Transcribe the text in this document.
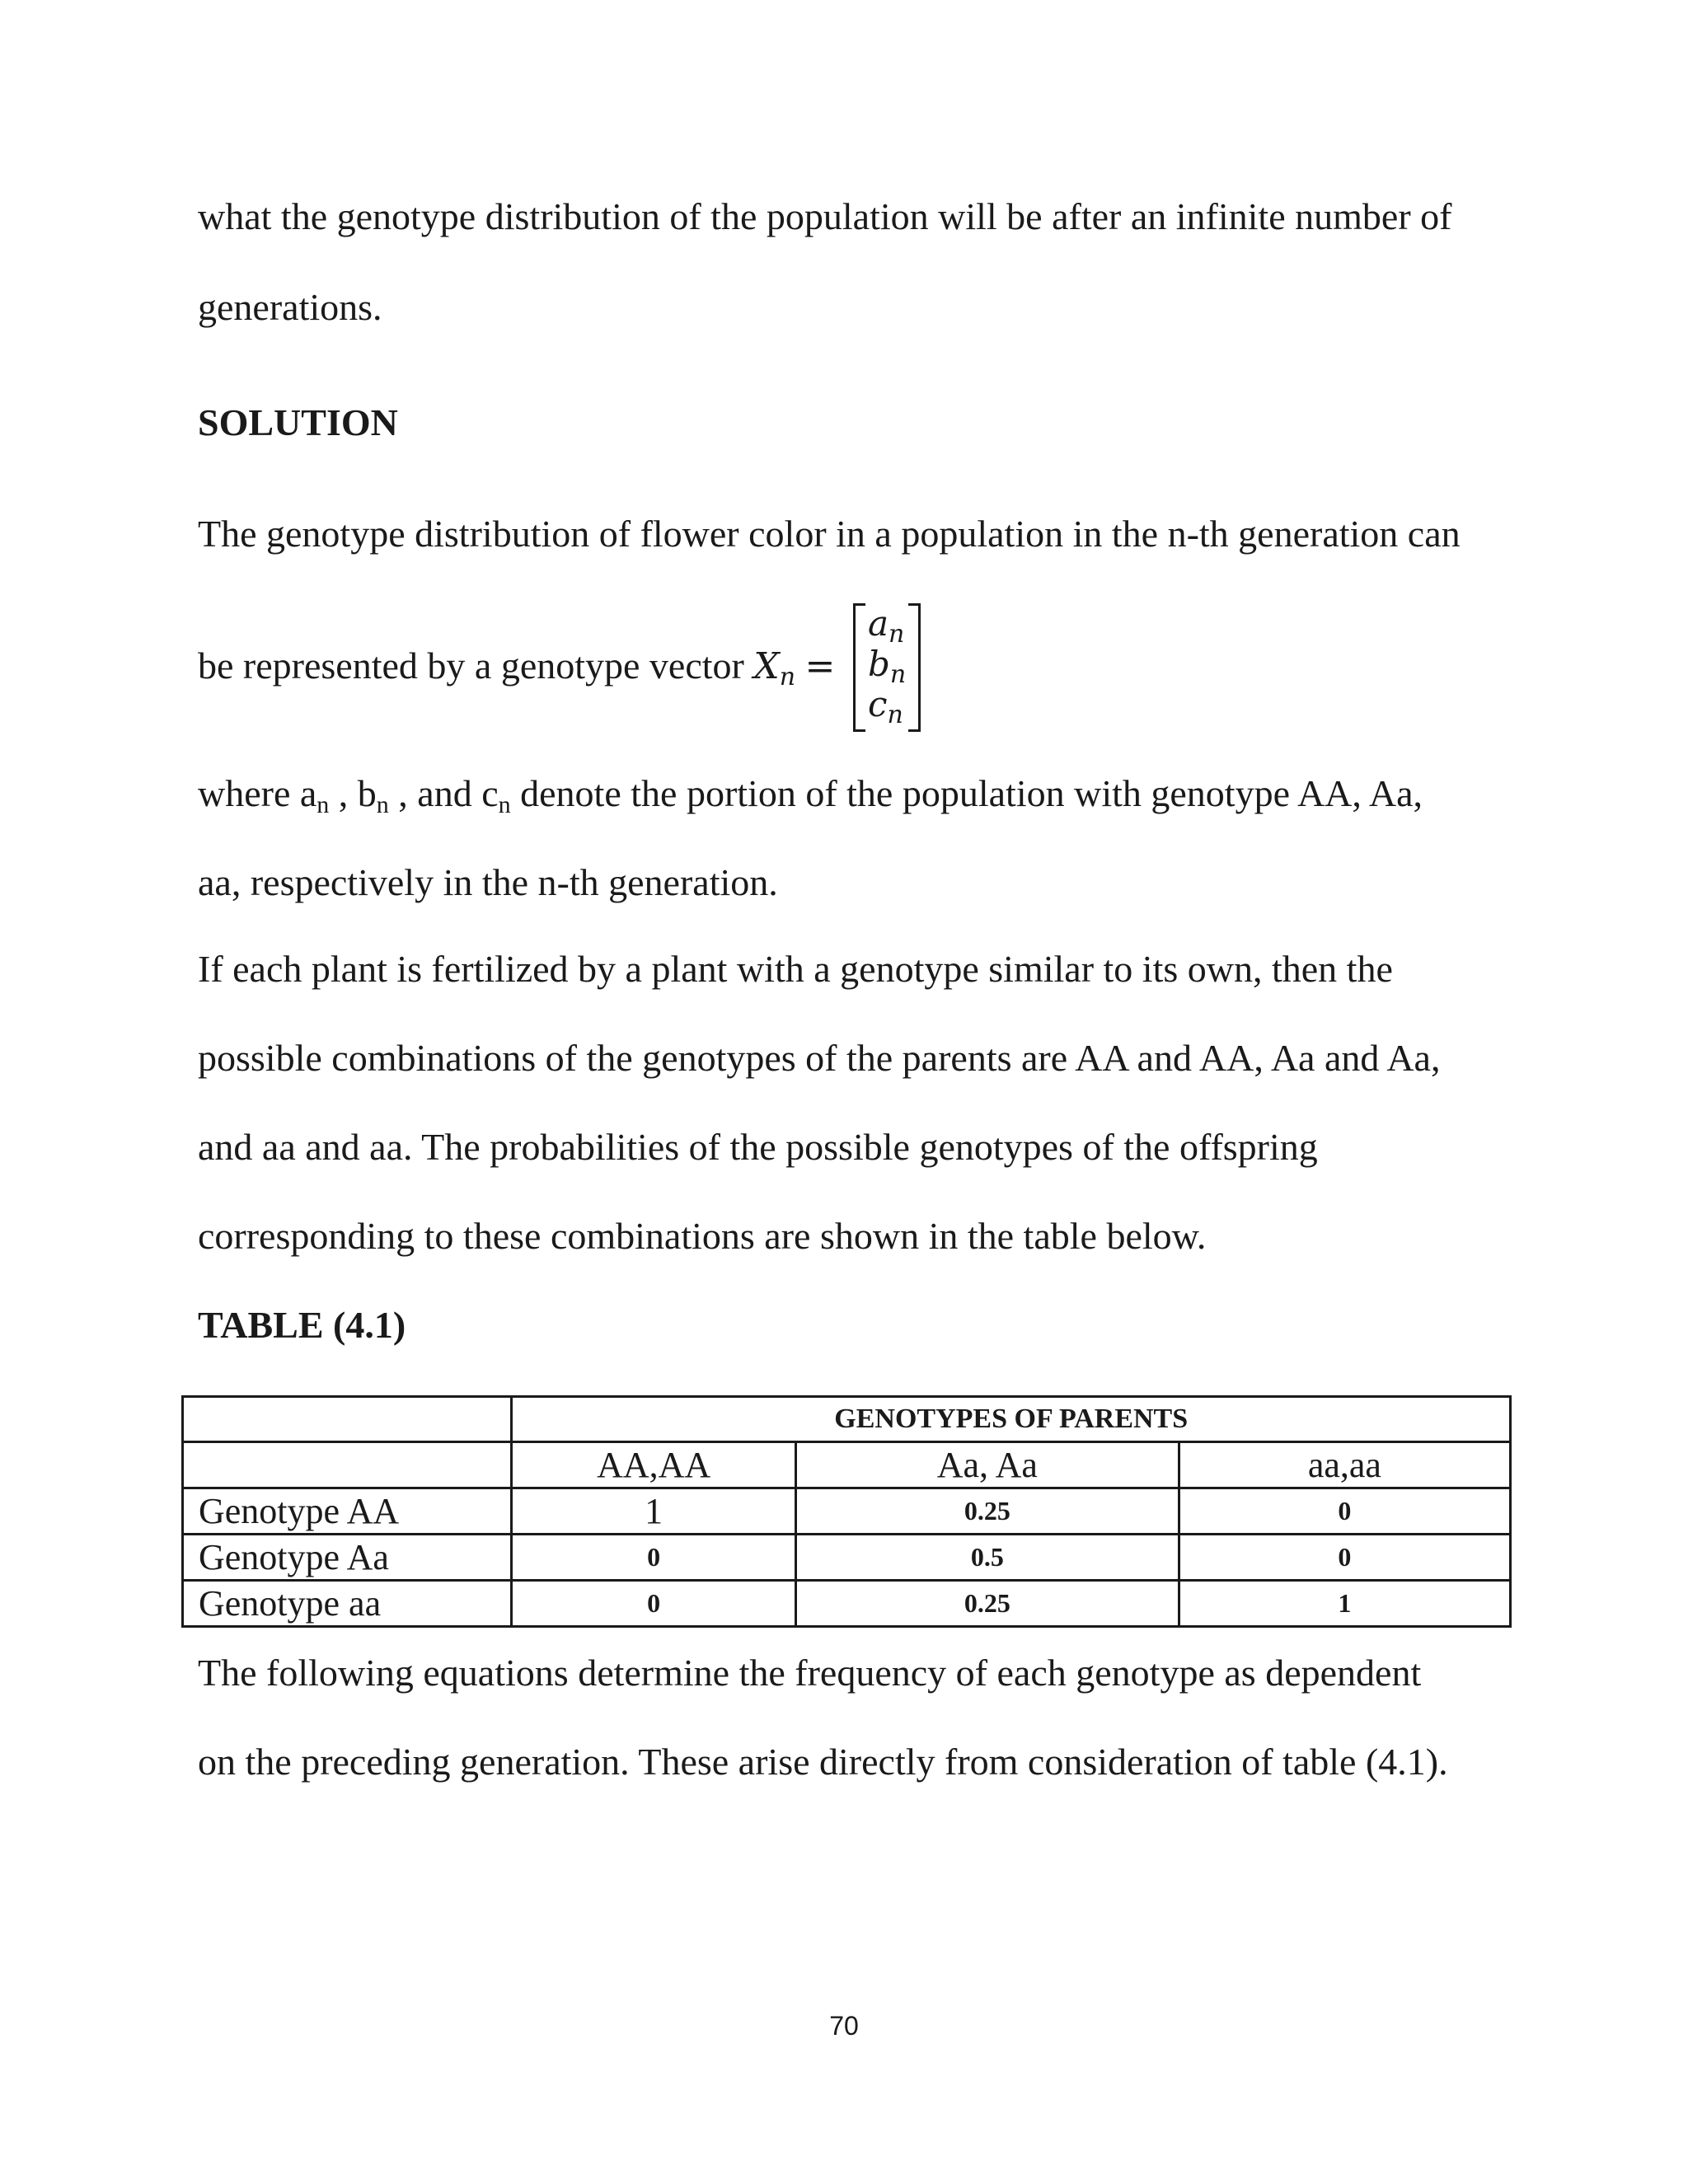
what the genotype distribution of the population will be after an infinite number of
generations.
SOLUTION
The genotype distribution of flower color in a population in the n-th generation can
be represented by a genotype vector $X_n$ =
$a_n$
$b_n$
$c_n$
where $a_n$ , $b_n$ , and $c_n$ denote the portion of the population with genotype AA, Aa,
aa, respectively in the n-th generation.
If each plant is fertilized by a plant with a genotype similar to its own, then the
possible combinations of the genotypes of the parents are AA and AA, Aa and Aa,
and aa and aa. The probabilities of the possible genotypes of the offspring
corresponding to these combinations are shown in the table below.
TABLE (4.1)
	GENOTYPES OF PARENTS		
	AA,AA	Aa, Aa	aa,aa
Genotype AA	1	0.25	0
Genotype Aa	0	0.5	0
Genotype aa	0	0.25	1
The following equations determine the frequency of each genotype as dependent
on the preceding generation. These arise directly from consideration of table (4.1).
70
